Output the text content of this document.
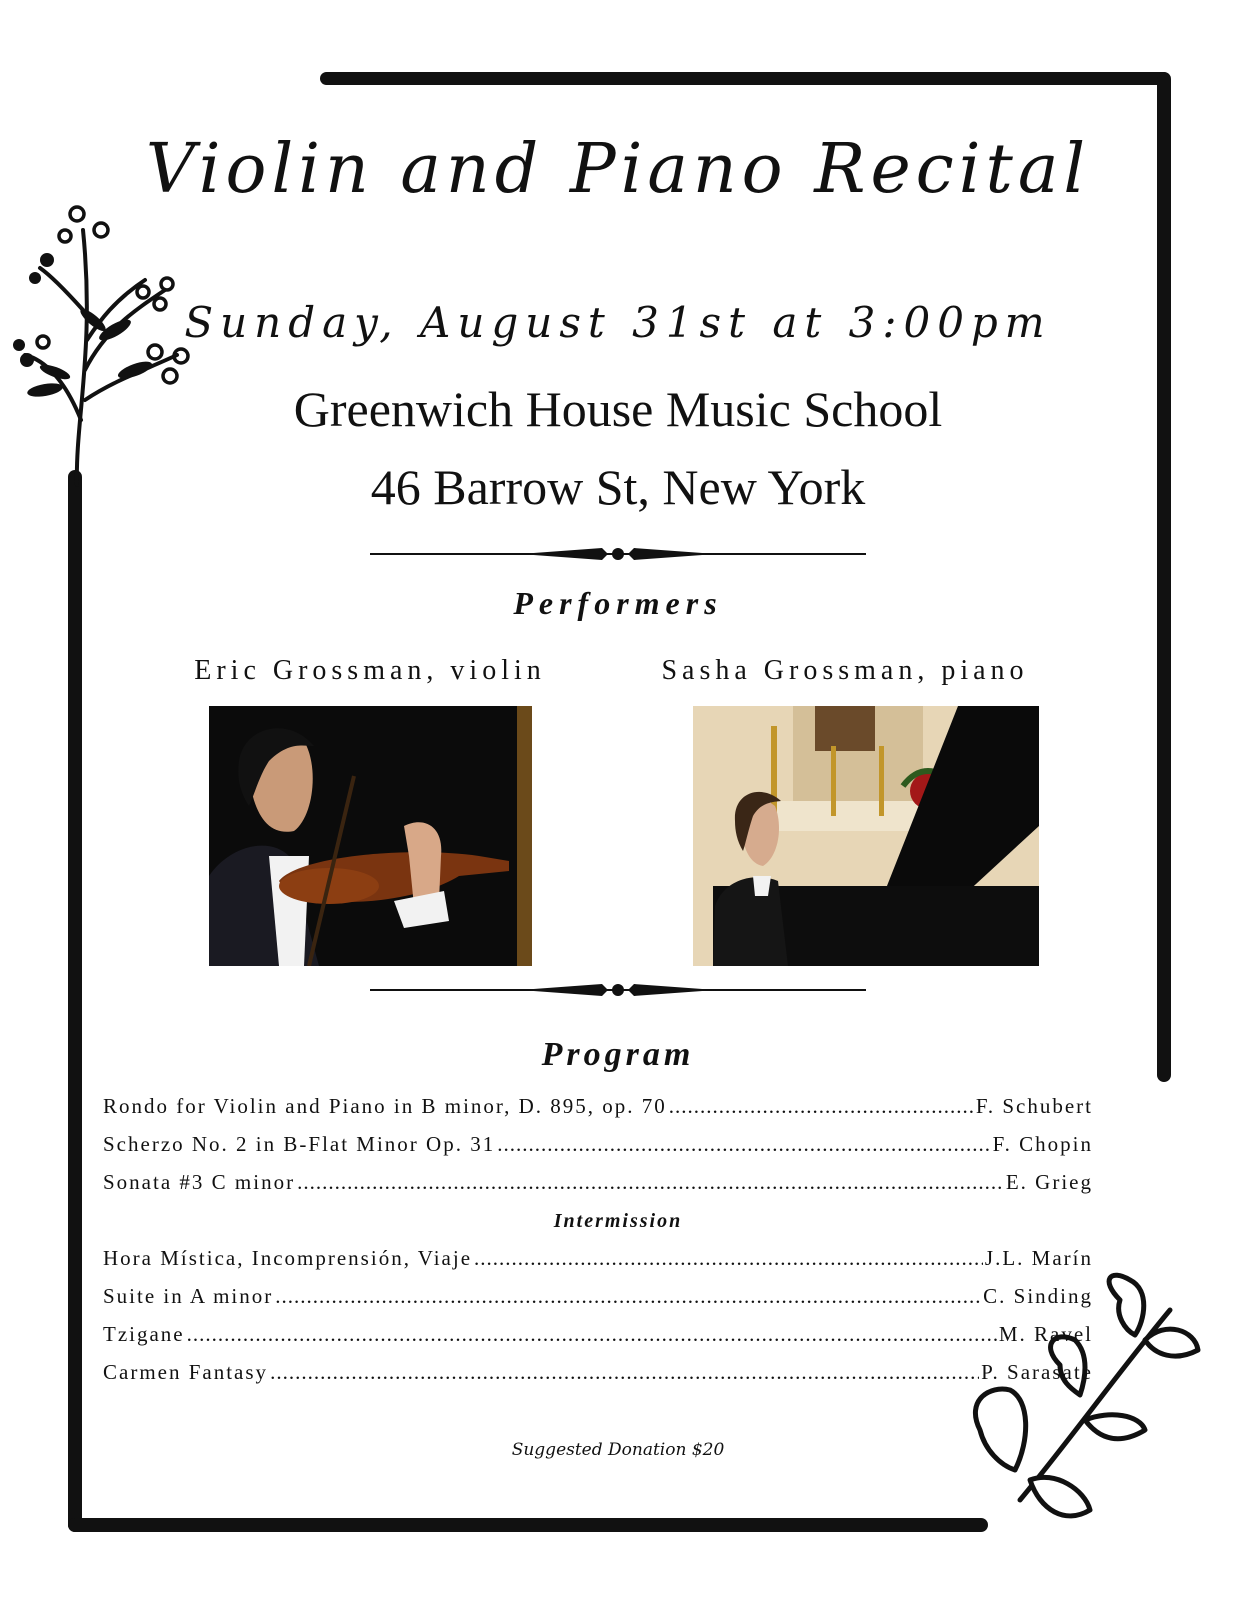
Violin and Piano Recital
Sunday, August 31st at 3:00pm
Greenwich House Music School
46 Barrow St, New York
Performers
Eric Grossman, violin	Sasha Grossman, piano
Program
Rondo for Violin and Piano in B minor, D. 895, op. 70 .....	F. Schubert
Scherzo No. 2 in B-Flat Minor Op. 31 .....	F. Chopin
Sonata #3 C minor .....	E. Grieg
Intermission
Hora Mística, Incomprensión, Viaje .....	J.L. Marín
Suite in A minor .....	C. Sinding
Tzigane .....	M. Ravel
Carmen Fantasy .....	P. Sarasate
Suggested Donation $20
